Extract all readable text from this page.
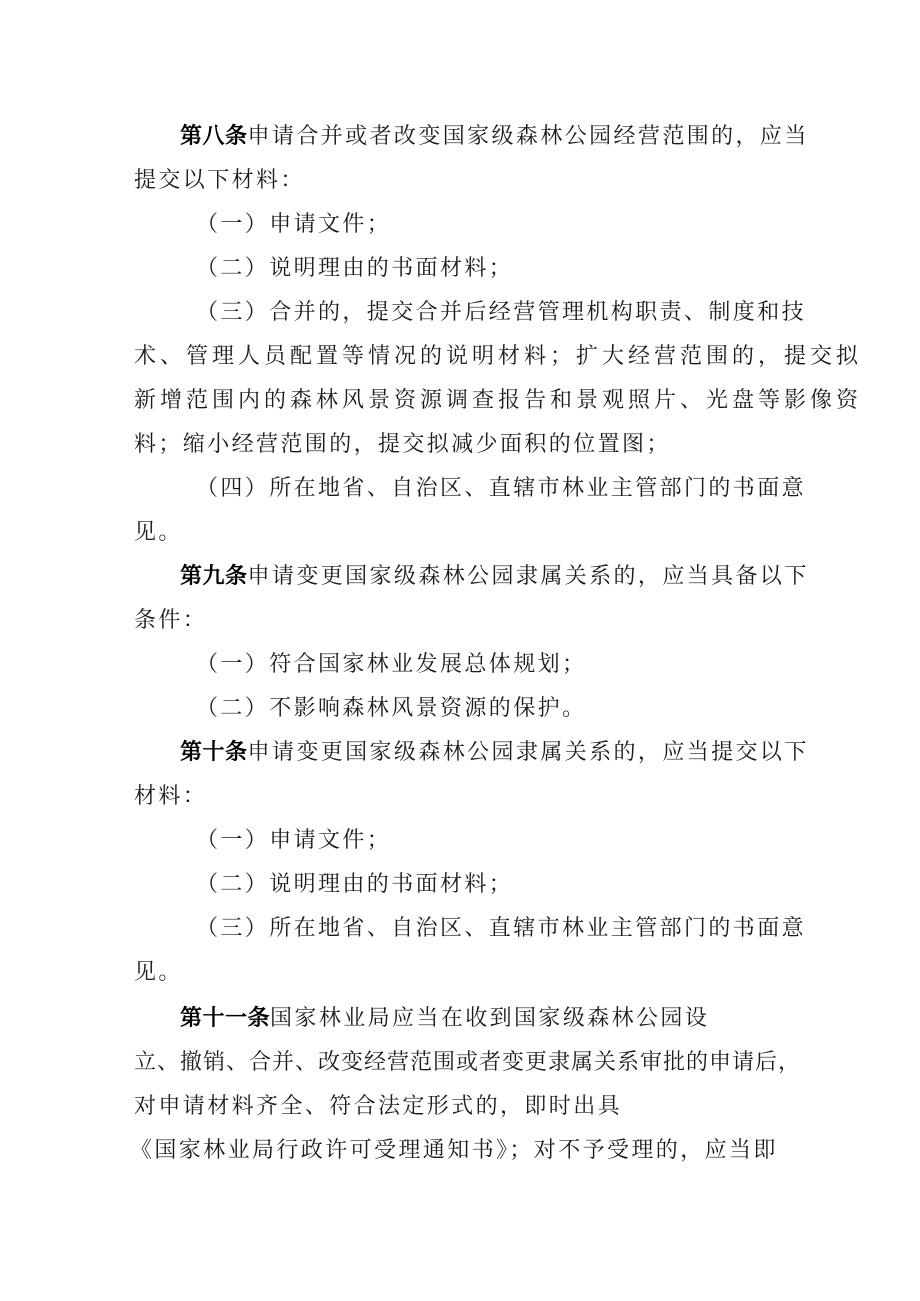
第八条申请合并或者改变国家级森林公园经营范围的，应当
提交以下材料：
（一）申请文件；
（二）说明理由的书面材料；
（三）合并的，提交合并后经营管理机构职责、制度和技
术、管理人员配置等情况的说明材料；扩大经营范围的，提交拟
新增范围内的森林风景资源调查报告和景观照片、光盘等影像资
料；缩小经营范围的，提交拟减少面积的位置图；
（四）所在地省、自治区、直辖市林业主管部门的书面意
见。
第九条申请变更国家级森林公园隶属关系的，应当具备以下
条件：
（一）符合国家林业发展总体规划；
（二）不影响森林风景资源的保护。
第十条申请变更国家级森林公园隶属关系的，应当提交以下
材料：
（一）申请文件；
（二）说明理由的书面材料；
（三）所在地省、自治区、直辖市林业主管部门的书面意
见。
第十一条国家林业局应当在收到国家级森林公园设
立、撤销、合并、改变经营范围或者变更隶属关系审批的申请后，
对申请材料齐全、符合法定形式的，即时出具
《国家林业局行政许可受理通知书》；对不予受理的，应当即
